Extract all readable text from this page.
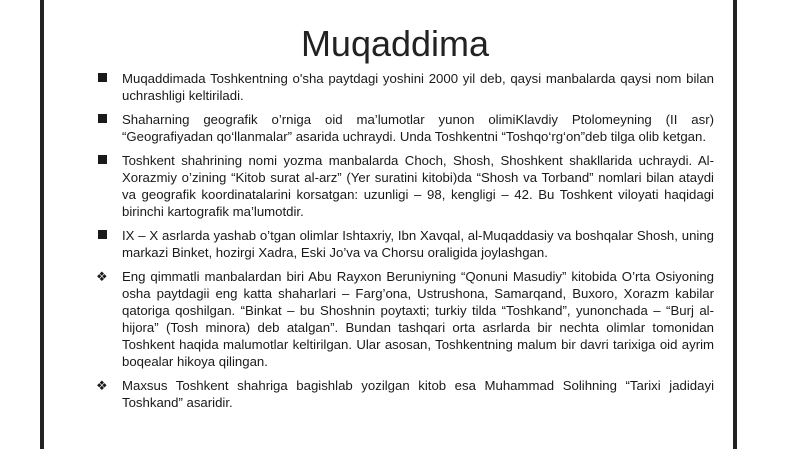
Muqaddima
Muqaddimada Toshkentning o'sha paytdagi yoshini 2000 yil deb, qaysi manbalarda qaysi nom bilan uchrashligi keltiriladi.
Shaharning geografik o’rniga oid ma’lumotlar yunon olimiKlavdiy Ptolomeyning (II asr) “Geografiyadan qo‘llanmalar” asarida uchraydi. Unda Toshkentni “Toshqo‘rg‘on”deb tilga olib ketgan.
Toshkent shahrining nomi yozma manbalarda Choch, Shosh, Shoshkent shakllarida uchraydi. Al-Xorazmiy o’zining “Kitob surat al-arz” (Yer suratini kitobi)da “Shosh va Torband” nomlari bilan ataydi va geografik koordinatalarini korsatgan: uzunligi – 98, kengligi – 42. Bu Toshkent viloyati haqidagi birinchi kartografik ma’lumotdir.
IX – X asrlarda yashab o’tgan olimlar Ishtaxriy, Ibn Xavqal, al-Muqaddasiy va boshqalar Shosh, uning markazi Binket, hozirgi Xadra, Eski Jo’va va Chorsu oraligida joylashgan.
❖ Eng qimmatli manbalardan biri Abu Rayxon Beruniyning “Qonuni Masudiy” kitobida O’rta Osiyoning osha paytdagii eng katta shaharlari – Farg’ona, Ustrushona, Samarqand, Buxoro, Xorazm kabilar qatoriga qoshilgan. “Binkat – bu Shoshnin poytaxti; turkiy tilda “Toshkand”, yunonchada – “Burj al-hijora” (Tosh minora) deb atalgan”. Bundan tashqari orta asrlarda bir nechta olimlar tomonidan Toshkent haqida malumotlar keltirilgan. Ular asosan, Toshkentning malum bir davri tarixiga oid ayrim boqealar hikoya qilingan.
❖ Maxsus Toshkent shahriga bagishlab yozilgan kitob esa Muhammad Solihning “Tarixi jadidayi Toshkand” asaridir.
